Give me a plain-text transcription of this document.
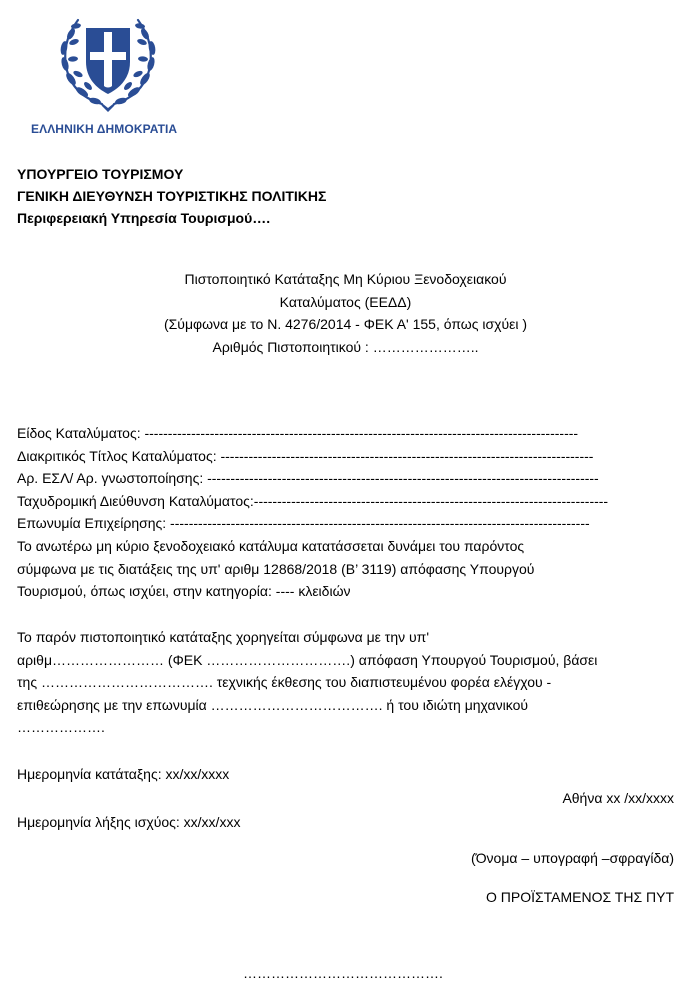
ΕΛΛΗΝΙΚΗ ΔΗΜΟΚΡΑΤΙΑ
ΥΠΟΥΡΓΕΙΟ ΤΟΥΡΙΣΜΟΥ
ΓΕΝΙΚΗ ΔΙΕΥΘΥΝΣΗ ΤΟΥΡΙΣΤΙΚΗΣ ΠΟΛΙΤΙΚΗΣ
Περιφερειακή Υπηρεσία Τουρισμού….
Πιστοποιητικό Κατάταξης Μη Κύριου Ξενοδοχειακού
Καταλύματος (ΕΕΔΔ)
(Σύμφωνα με το Ν. 4276/2014 - ΦΕΚ Α' 155, όπως ισχύει )
Αριθμός Πιστοποιητικού : …………………..
Είδος Καταλύματος: ---------------------------------------------------------------------------------------------
Διακριτικός Τίτλος Καταλύματος: --------------------------------------------------------------------------------
Αρ. ΕΣΛ/ Αρ. γνωστοποίησης: ------------------------------------------------------------------------------------
Ταχυδρομική Διεύθυνση Καταλύματος:----------------------------------------------------------------------------
Επωνυμία Επιχείρησης: ------------------------------------------------------------------------------------------
Το ανωτέρω μη κύριο ξενοδοχειακό κατάλυμα κατατάσσεται δυνάμει του παρόντος
σύμφωνα με τις διατάξεις της υπ' αριθμ 12868/2018 (Β’ 3119) απόφασης Υπουργού
Τουρισμού, όπως ισχύει, στην κατηγορία: ---- κλειδιών
Το παρόν πιστοποιητικό κατάταξης χορηγείται σύμφωνα με την υπ'
αριθμ…………………… (ΦΕΚ ………………………….) απόφαση Υπουργού Τουρισμού, βάσει
της ………………………………. τεχνικής έκθεσης του διαπιστευμένου φορέα ελέγχου -
επιθεώρησης με την επωνυμία ………………………………. ή του ιδιώτη μηχανικού
……………….
Ημερομηνία κατάταξης: xx/xx/xxxx
Αθήνα xx /xx/xxxx
Ημερομηνία λήξης ισχύος: xx/xx/xxx
(Όνομα – υπογραφή –σφραγίδα)
Ο ΠΡΟΪΣΤΑΜΕΝΟΣ ΤΗΣ ΠΥΤ
…………………………………….
